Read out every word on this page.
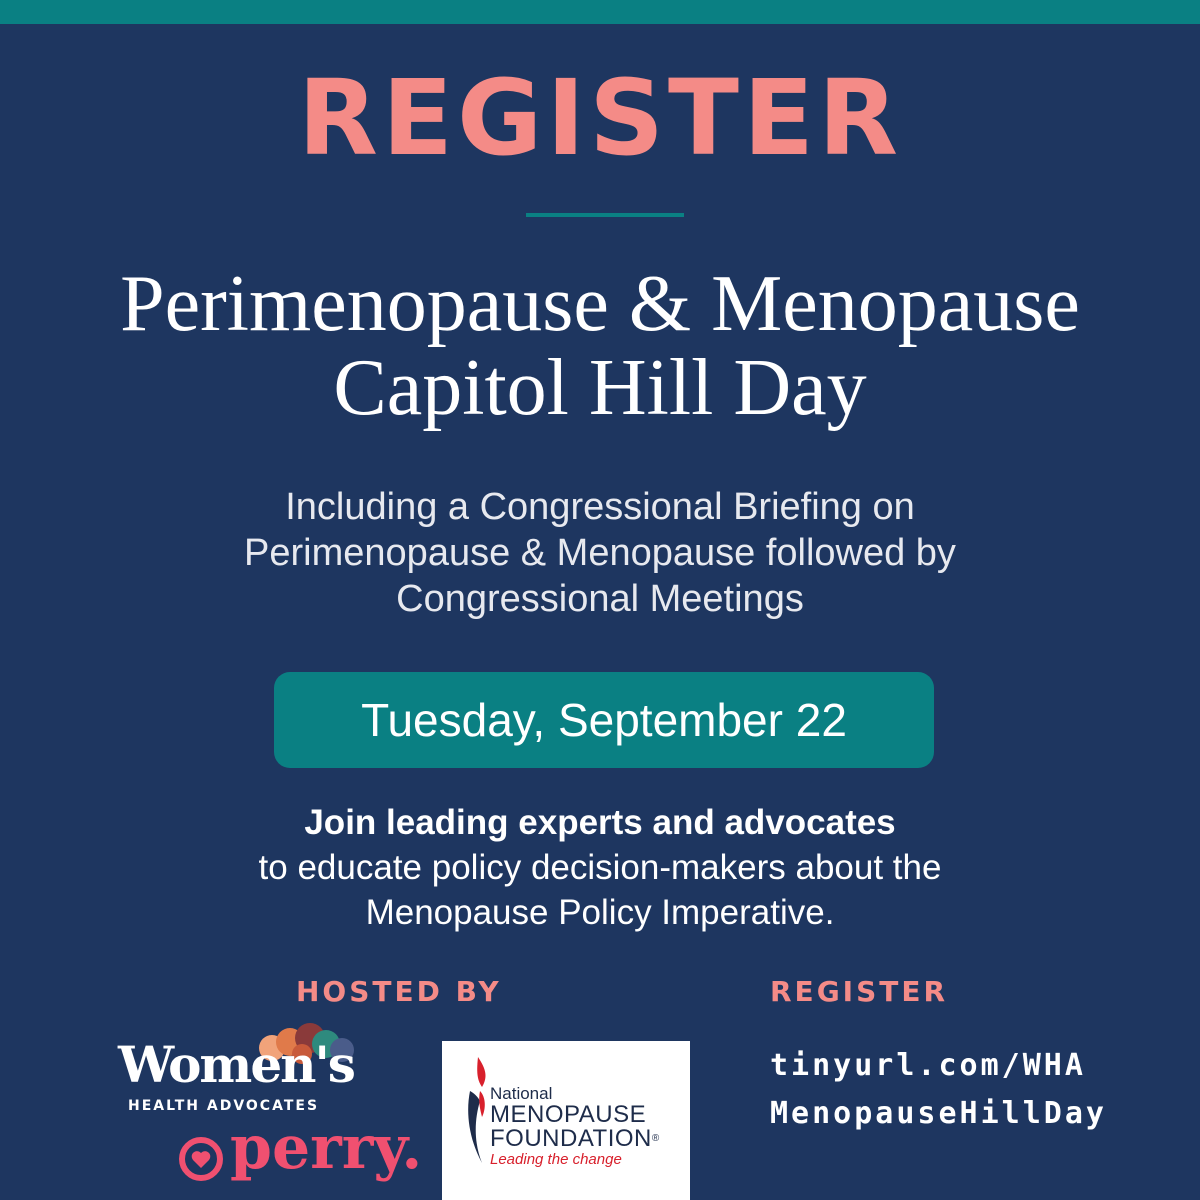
REGISTER
Perimenopause & Menopause
Capitol Hill Day
Including a Congressional Briefing on
Perimenopause & Menopause followed by
Congressional Meetings
Tuesday, September 22
Join leading experts and advocates
to educate policy decision-makers about the
Menopause Policy Imperative.
HOSTED BY	REGISTER
Women's
HEALTH ADVOCATES
perry.
National
MENOPAUSE
FOUNDATION®
Leading the change
tinyurl.com/WHA
MenopauseHillDay
